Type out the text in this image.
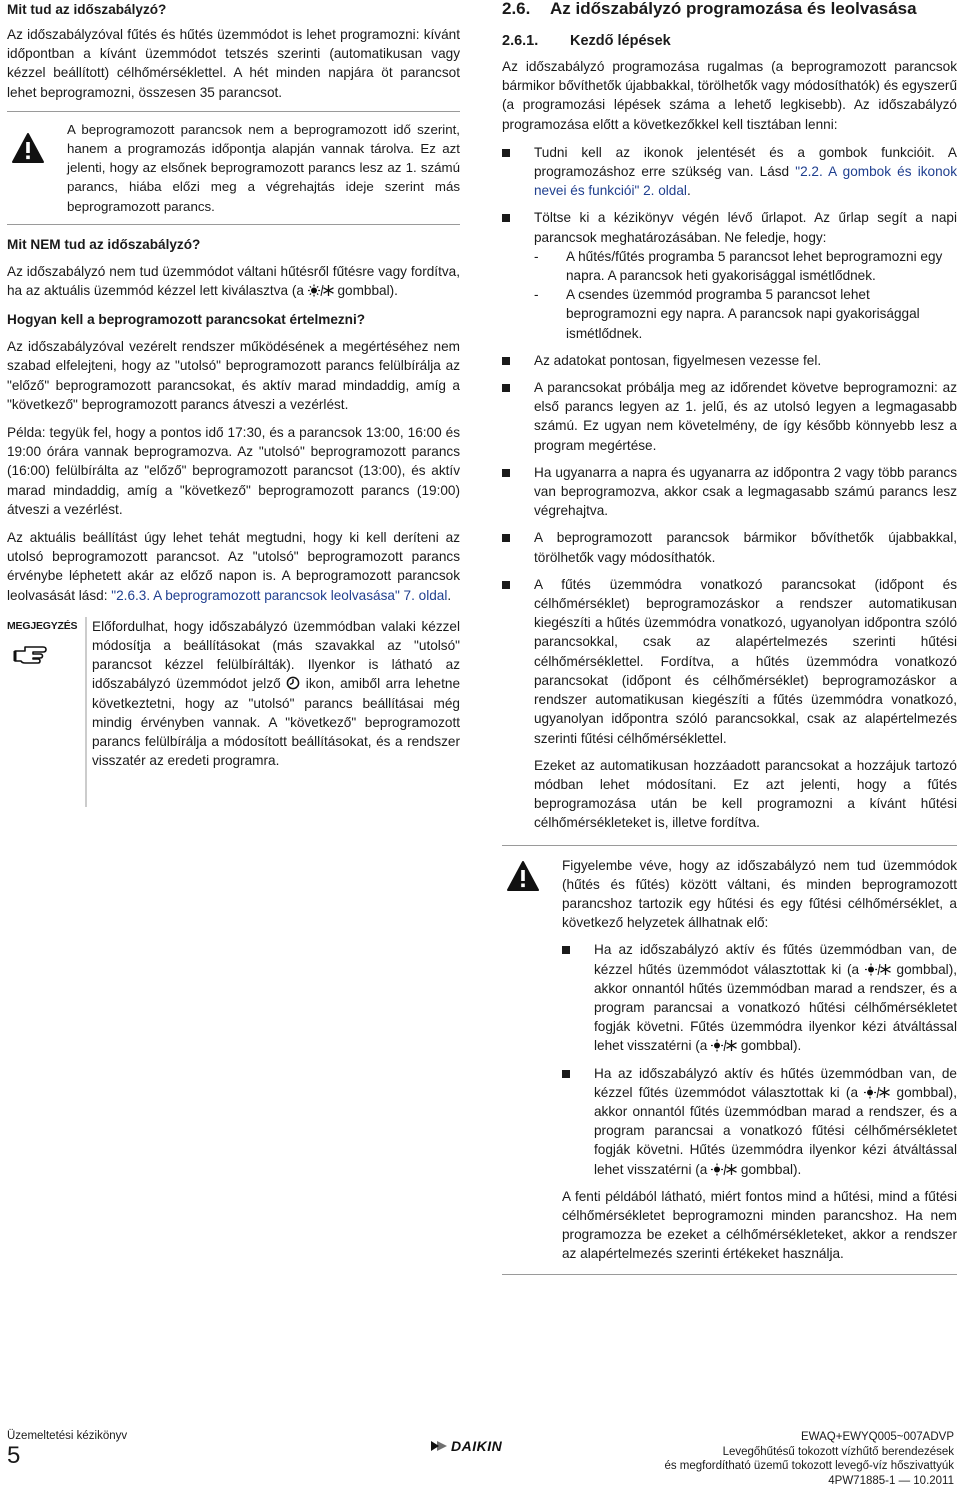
Mit tud az időszabályzó?

Az időszabályzóval fűtés és hűtés üzemmódot is lehet programozni: kívánt időpontban a kívánt üzemmódot tetszés szerinti (automatikusan vagy kézzel beállított) célhőmérséklettel. A hét minden napjára öt parancsot lehet beprogramozni, összesen 35 parancsot.

A beprogramozott parancsok nem a beprogramozott idő szerint, hanem a programozás időpontja alapján vannak tárolva. Ez azt jelenti, hogy az elsőnek beprogramozott parancs lesz az 1. számú parancs, hiába előzi meg a végrehajtás ideje szerint más beprogramozott parancs.

Mit NEM tud az időszabályzó?

Az időszabályzó nem tud üzemmódot váltani hűtésről fűtésre vagy fordítva, ha az aktuális üzemmód kézzel lett kiválasztva (a  gombbal).

Hogyan kell a beprogramozott parancsokat értelmezni?

Az időszabályzóval vezérelt rendszer működésének a megértéséhez nem szabad elfelejteni, hogy az "utolsó" beprogramozott parancs felülbírálja az "előző" beprogramozott parancsokat, és aktív marad mindaddig, amíg a "következő" beprogramozott parancs átveszi a vezérlést.

Példa: tegyük fel, hogy a pontos idő 17:30, és a parancsok 13:00, 16:00 és 19:00 órára vannak beprogramozva. Az "utolsó" beprogramozott parancs (16:00) felülbírálta az "előző" beprogramozott parancsot (13:00), és aktív marad mindaddig, amíg a "következő" beprogramozott parancs (19:00) átveszi a vezérlést.

Az aktuális beállítást úgy lehet tehát megtudni, hogy ki kell deríteni az utolsó beprogramozott parancsot. Az "utolsó" beprogramozott parancs érvénybe léphetett akár az előző napon is. A beprogramozott parancsok leolvasását lásd: "2.6.3. A beprogramozott parancsok leolvasása" 7. oldal.

MEGJEGYZÉS Előfordulhat, hogy időszabályzó üzemmódban valaki kézzel módosítja a beállításokat (más szavakkal az "utolsó" parancsot kézzel felülbírálták). Ilyenkor is látható az időszabályzó üzemmódot jelző  ikon, amiből arra lehetne következtetni, hogy az "utolsó" parancs beállításai még mindig érvényben vannak. A "következő" beprogramozott parancs felülbírálja a módosított beállításokat, és a rendszer visszatér az eredeti programra.

2.6. Az időszabályzó programozása és leolvasása
2.6.1. Kezdő lépések

Az időszabályzó programozása rugalmas (a beprogramozott parancsok bármikor bővíthetők újabbakkal, törölhetők vagy módosíthatók) és egyszerű (a programozási lépések száma a lehető legkisebb). Az időszabályzó programozása előtt a következőkkel kell tisztában lenni:

Tudni kell az ikonok jelentését és a gombok funkcióit. A programozáshoz erre szükség van. Lásd "2.2. A gombok és ikonok nevei és funkciói" 2. oldal.
Töltse ki a kézikönyv végén lévő űrlapot. Az űrlap segít a napi parancsok meghatározásában. Ne feledje, hogy:
- A hűtés/fűtés programba 5 parancsot lehet beprogramozni egy napra. A parancsok heti gyakorisággal ismétlődnek.
- A csendes üzemmód programba 5 parancsot lehet beprogramozni egy napra. A parancsok napi gyakorisággal ismétlődnek.
Az adatokat pontosan, figyelmesen vezesse fel.
A parancsokat próbálja meg az időrendet követve beprogramozni: az első parancs legyen az 1. jelű, és az utolsó legyen a legmagasabb számú. Ez ugyan nem követelmény, de így később könnyebb lesz a program megértése.
Ha ugyanarra a napra és ugyanarra az időpontra 2 vagy több parancs van beprogramozva, akkor csak a legmagasabb számú parancs lesz végrehajtva.
A beprogramozott parancsok bármikor bővíthetők újabbakkal, törölhetők vagy módosíthatók.
A fűtés üzemmódra vonatkozó parancsokat (időpont és célhőmérséklet) beprogramozáskor a rendszer automatikusan kiegészíti a hűtés üzemmódra vonatkozó, ugyanolyan időpontra szóló parancsokkal, csak az alapértelmezés szerinti hűtési célhőmérséklettel. Fordítva, a hűtés üzemmódra vonatkozó parancsokat (időpont és célhőmérséklet) beprogramozáskor a rendszer automatikusan kiegészíti a fűtés üzemmódra vonatkozó, ugyanolyan időpontra szóló parancsokkal, csak az alapértelmezés szerinti fűtési célhőmérséklettel.
Ezeket az automatikusan hozzáadott parancsokat a hozzájuk tartozó módban lehet módosítani. Ez azt jelenti, hogy a fűtés beprogramozása után be kell programozni a kívánt hűtési célhőmérsékleteket is, illetve fordítva.

Figyelembe véve, hogy az időszabályzó nem tud üzemmódok (hűtés és fűtés) között váltani, és minden beprogramozott parancshoz tartozik egy hűtési és egy fűtési célhőmérséklet, a következő helyzetek állhatnak elő:

Ha az időszabályzó aktív és fűtés üzemmódban van, de kézzel hűtés üzemmódot választottak ki (a  gombbal), akkor onnantól hűtés üzemmódban marad a rendszer, és a program parancsai a vonatkozó hűtési célhőmérsékletet fogják követni. Fűtés üzemmódra ilyenkor kézi átváltással lehet visszatérni (a  gombbal).
Ha az időszabályzó aktív és hűtés üzemmódban van, de kézzel fűtés üzemmódot választottak ki (a  gombbal), akkor onnantól fűtés üzemmódban marad a rendszer, és a program parancsai a vonatkozó fűtési célhőmérsékletet fogják követni. Hűtés üzemmódra ilyenkor kézi átváltással lehet visszatérni (a  gombbal).

A fenti példából látható, miért fontos mind a hűtési, mind a fűtési célhőmérsékletet beprogramozni minden parancshoz. Ha nem programozza be ezeket a célhőmérsékleteket, akkor a rendszer az alapértelmezés szerinti értékeket használja.

Üzemeltetési kézikönyv
5	DAIKIN
EWAQ+EWYQ005~007ADVP
Levegőhűtésű tokozott vízhűtő berendezések
és megfordítható üzemű tokozott levegő-víz hőszivattyúk
4PW71885-1 — 10.2011
